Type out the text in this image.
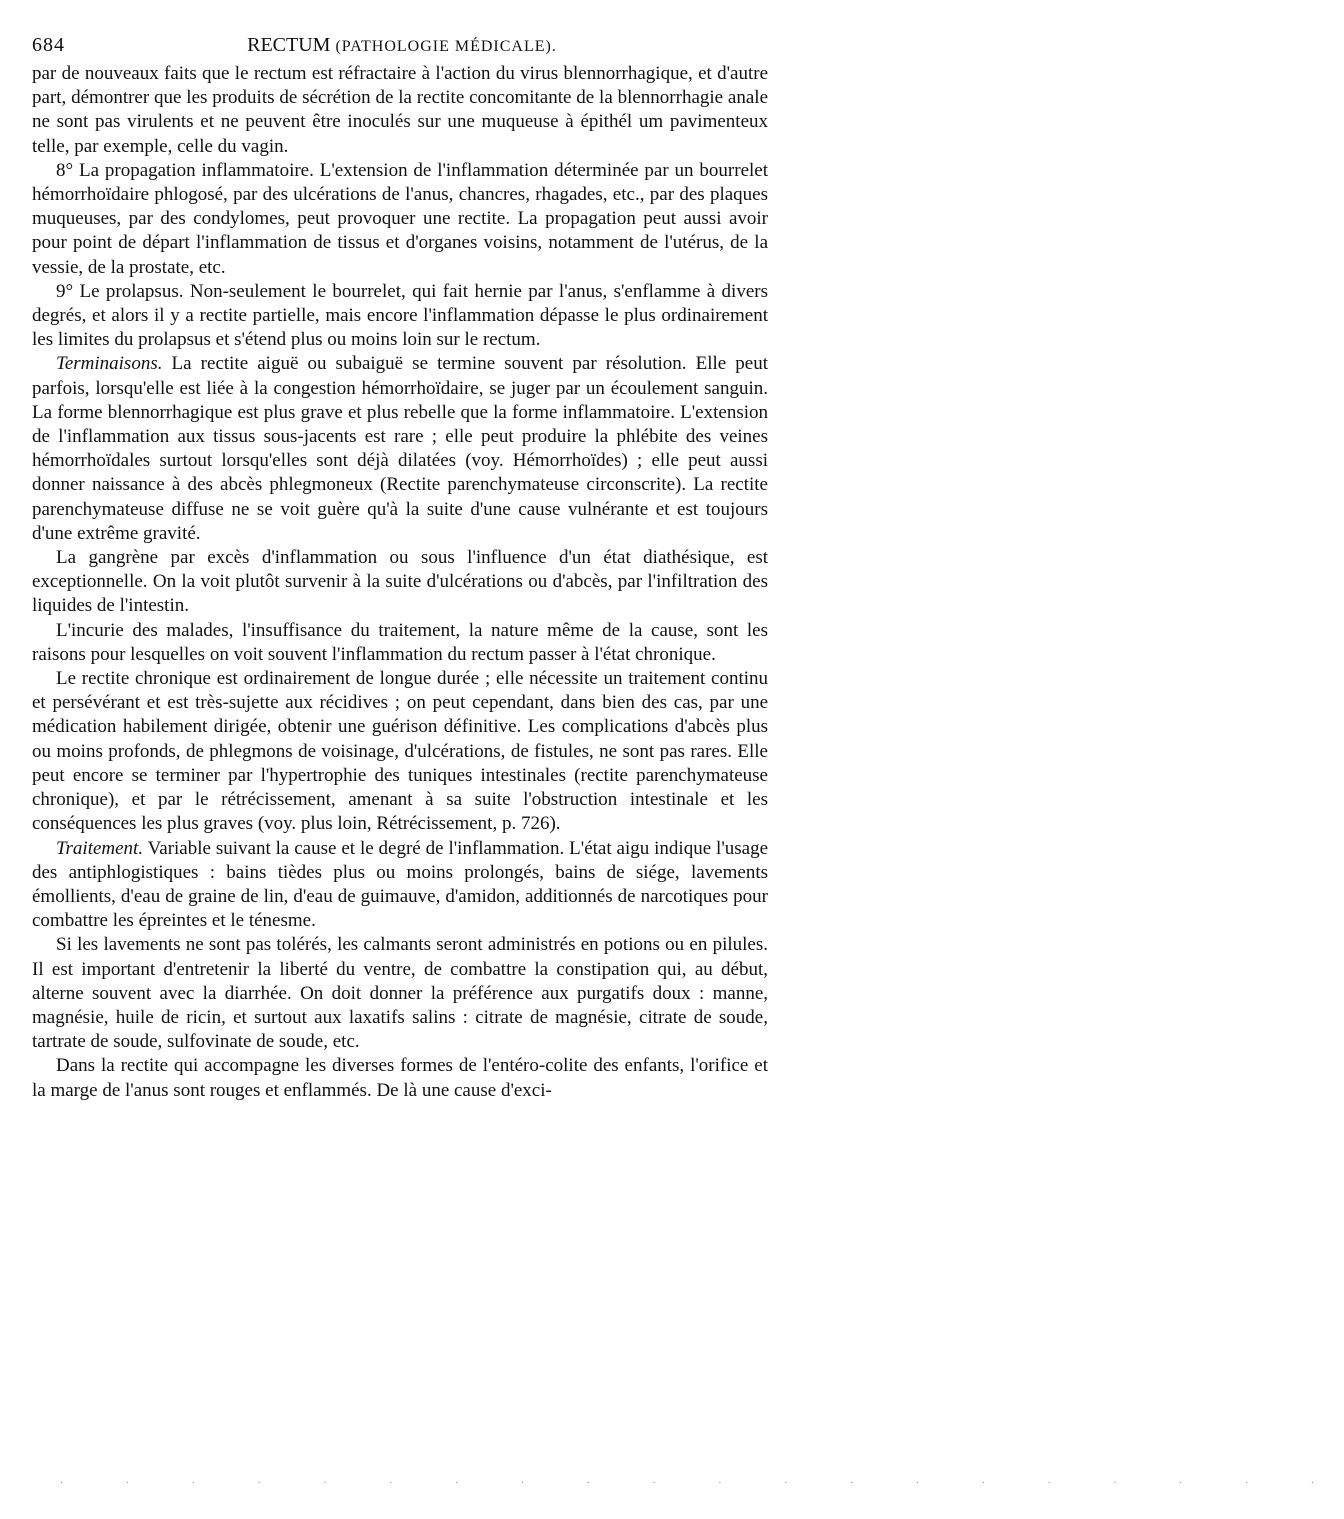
684	RECTUM (PATHOLOGIE MÉDICALE).

par de nouveaux faits que le rectum est réfractaire à l'action du virus blennorrhagique, et d'autre part, démontrer que les produits de sécrétion de la rectite concomitante de la blennorrhagie anale ne sont pas virulents et ne peuvent être inoculés sur une muqueuse à épithél um pavimenteux telle, par exemple, celle du vagin.

8° La propagation inflammatoire. L'extension de l'inflammation déterminée par un bourrelet hémorrhoïdaire phlogosé, par des ulcérations de l'anus, chancres, rhagades, etc., par des plaques muqueuses, par des condylomes, peut provoquer une rectite. La propagation peut aussi avoir pour point de départ l'inflammation de tissus et d'organes voisins, notamment de l'utérus, de la vessie, de la prostate, etc.

9° Le prolapsus. Non-seulement le bourrelet, qui fait hernie par l'anus, s'enflamme à divers degrés, et alors il y a rectite partielle, mais encore l'inflammation dépasse le plus ordinairement les limites du prolapsus et s'étend plus ou moins loin sur le rectum.

Terminaisons. La rectite aiguë ou subaiguë se termine souvent par résolution. Elle peut parfois, lorsqu'elle est liée à la congestion hémorrhoïdaire, se juger par un écoulement sanguin. La forme blennorrhagique est plus grave et plus rebelle que la forme inflammatoire. L'extension de l'inflammation aux tissus sous-jacents est rare ; elle peut produire la phlébite des veines hémorrhoïdales surtout lorsqu'elles sont déjà dilatées (voy. Hémorrhoïdes) ; elle peut aussi donner naissance à des abcès phlegmoneux (Rectite parenchymateuse circonscrite). La rectite parenchymateuse diffuse ne se voit guère qu'à la suite d'une cause vulnérante et est toujours d'une extrême gravité.

La gangrène par excès d'inflammation ou sous l'influence d'un état diathésique, est exceptionnelle. On la voit plutôt survenir à la suite d'ulcérations ou d'abcès, par l'infiltration des liquides de l'intestin.

L'incurie des malades, l'insuffisance du traitement, la nature même de la cause, sont les raisons pour lesquelles on voit souvent l'inflammation du rectum passer à l'état chronique.

Le rectite chronique est ordinairement de longue durée ; elle nécessite un traitement continu et persévérant et est très-sujette aux récidives ; on peut cependant, dans bien des cas, par une médication habilement dirigée, obtenir une guérison définitive. Les complications d'abcès plus ou moins profonds, de phlegmons de voisinage, d'ulcérations, de fistules, ne sont pas rares. Elle peut encore se terminer par l'hypertrophie des tuniques intestinales (rectite parenchymateuse chronique), et par le rétrécissement, amenant à sa suite l'obstruction intestinale et les conséquences les plus graves (voy. plus loin, Rétrécissement, p. 726).

Traitement. Variable suivant la cause et le degré de l'inflammation. L'état aigu indique l'usage des antiphlogistiques : bains tièdes plus ou moins prolongés, bains de siége, lavements émollients, d'eau de graine de lin, d'eau de guimauve, d'amidon, additionnés de narcotiques pour combattre les épreintes et le ténesme.

Si les lavements ne sont pas tolérés, les calmants seront administrés en potions ou en pilules. Il est important d'entretenir la liberté du ventre, de combattre la constipation qui, au début, alterne souvent avec la diarrhée. On doit donner la préférence aux purgatifs doux : manne, magnésie, huile de ricin, et surtout aux laxatifs salins : citrate de magnésie, citrate de soude, tartrate de soude, sulfovinate de soude, etc.

Dans la rectite qui accompagne les diverses formes de l'entéro-colite des enfants, l'orifice et la marge de l'anus sont rouges et enflammés. De là une cause d'exci-

· · · · · · · · · · · · · · · · · · · ·
